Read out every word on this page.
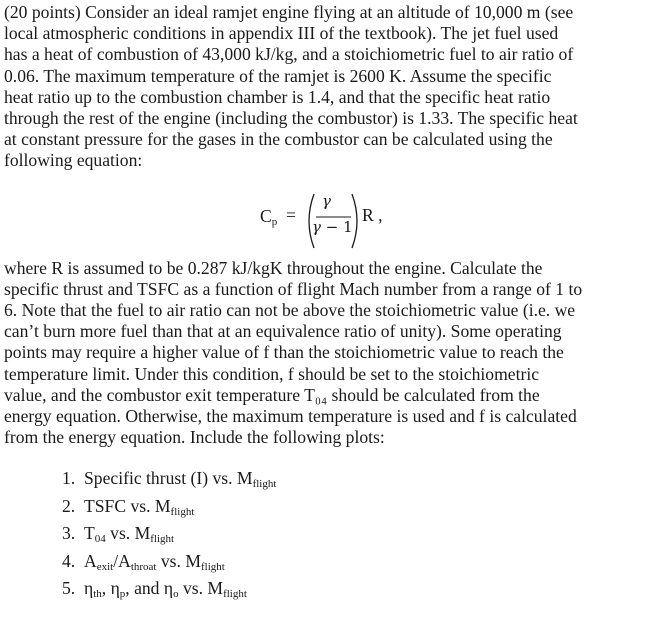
(20 points) Consider an ideal ramjet engine flying at an altitude of 10,000 m (see
local atmospheric conditions in appendix III of the textbook). The jet fuel used
has a heat of combustion of 43,000 kJ/kg, and a stoichiometric fuel to air ratio of
0.06. The maximum temperature of the ramjet is 2600 K. Assume the specific
heat ratio up to the combustion chamber is 1.4, and that the specific heat ratio
through the rest of the engine (including the combustor) is 1.33. The specific heat
at constant pressure for the gases in the combustor can be calculated using the
following equation:

$C_p$ =
γ
γ − 1
R ,

where R is assumed to be 0.287 kJ/kgK throughout the engine. Calculate the
specific thrust and TSFC as a function of flight Mach number from a range of 1 to
6. Note that the fuel to air ratio can not be above the stoichiometric value (i.e. we
can’t burn more fuel than that at an equivalence ratio of unity). Some operating
points may require a higher value of f than the stoichiometric value to reach the
temperature limit. Under this condition, f should be set to the stoichiometric
value, and the combustor exit temperature T₀₄ should be calculated from the
energy equation. Otherwise, the maximum temperature is used and f is calculated
from the energy equation. Include the following plots:

1. Specific thrust (I) vs. $M_{flight}$
2. TSFC vs. $M_{flight}$
3. $T_{04}$ vs. $M_{flight}$
4. $A_{exit}/A_{throat}$ vs. $M_{flight}$
5. $\eta_{th}$, $\eta_p$, and $\eta_o$ vs. $M_{flight}$
